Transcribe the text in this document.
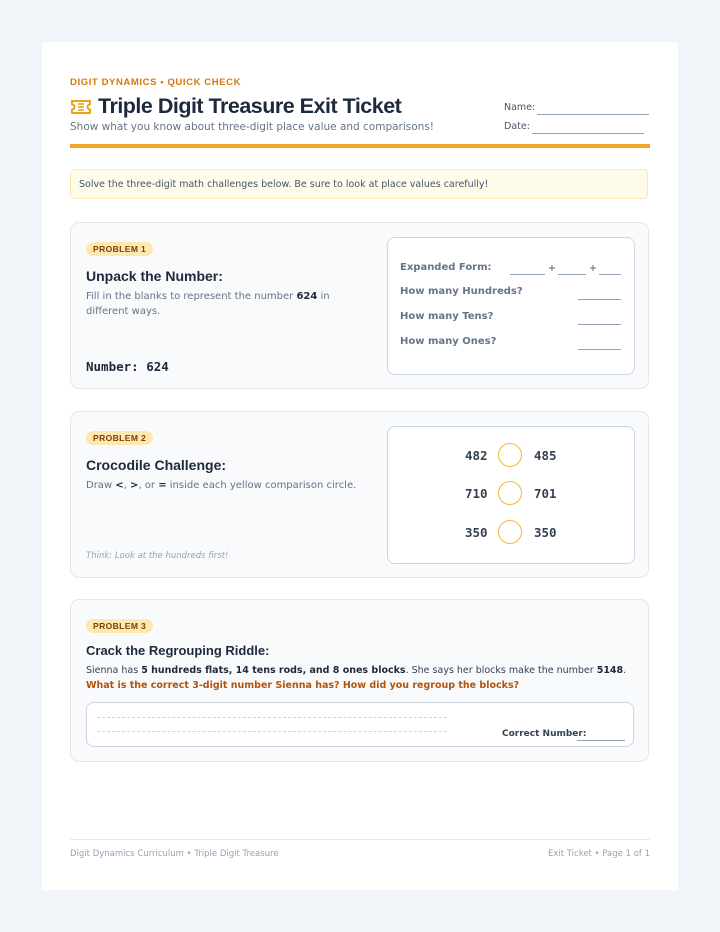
DIGIT DYNAMICS • QUICK CHECK
Triple Digit Treasure Exit Ticket
Show what you know about three-digit place value and comparisons!
Name:
Date:
Solve the three-digit math challenges below. Be sure to look at place values carefully!
PROBLEM 1
Unpack the Number:
Fill in the blanks to represent the number 624 in different ways.
Number: 624
Expanded Form:	+	+
How many Hundreds?
How many Tens?
How many Ones?
PROBLEM 2
Crocodile Challenge:
Draw <, >, or = inside each yellow comparison circle.
Think: Look at the hundreds first!
482	485
710	701
350	350
PROBLEM 3
Crack the Regrouping Riddle:
Sienna has 5 hundreds flats, 14 tens rods, and 8 ones blocks. She says her blocks make the number 5148.
What is the correct 3-digit number Sienna has? How did you regroup the blocks?
Correct Number:
Digit Dynamics Curriculum • Triple Digit Treasure	Exit Ticket • Page 1 of 1
